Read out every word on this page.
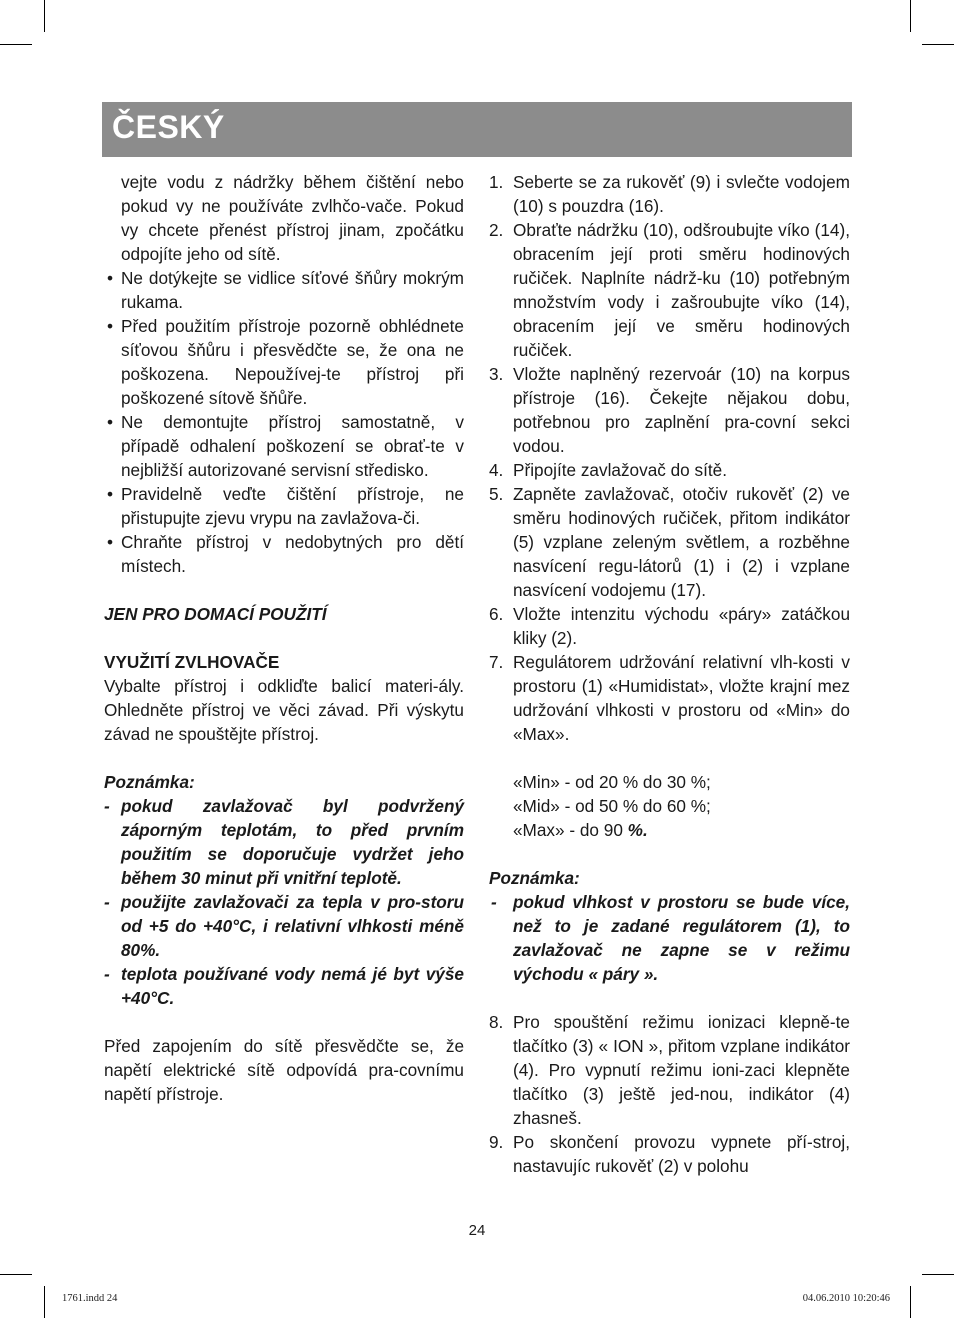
ČESKÝ

vejte vodu z nádržky během čištění nebo pokud vy ne používáte zvlhčo-vače. Pokud vy chcete přenést přístroj jinam, zpočátku odpojíte jeho od sítě.

• Ne dotýkejte se vidlice síťové šňůry mokrým rukama.
• Před použitím přístroje pozorně obhlédnete síťovou šňůru i přesvědčte se, že ona ne poškozena. Nepoužívej-te přístroj při poškozené sítově šňůře.
• Ne demontujte přístroj samostatně, v případě odhalení poškození se obrať-te v nejbližší autorizované servisní středisko.
• Pravidelně veďte čištění přístroje, ne přistupujte zjevu vrypu na zavlažova-či.
• Chraňte přístroj v nedobytných pro dětí místech.
JEN PRO DOMACÍ POUŽITÍ
VYUŽITÍ ZVLHOVAČE

Vybalte přístroj i odkliďte balicí materi-ály. Ohledněte přístroj ve věci závad. Při výskytu závad ne spouštějte přístroj.

Poznámka:
- pokud zavlažovač byl podvržený záporným teplotám, to před prvním použitím se doporučuje vydržet jeho během 30 minut při vnitřní teplotě.
- použijte zavlažovači za tepla v pro-storu od +5 do +40°C, i relativní vlhkosti méně 80%.
- teplota používané vody nemá jé byt výše +40°C.

Před zapojením do sítě přesvědčte se, že napětí elektrické sítě odpovídá pra-covnímu napětí přístroje.

1. Seberte se za rukověť (9) i svlečte vodojem (10) s pouzdra (16).
2. Obraťte nádržku (10), odšroubujte víko (14), obracením její proti směru hodinových ručiček. Naplníte nádrž-ku (10) potřebným množstvím vody i zašroubujte víko (14), obracením její ve směru hodinových ručiček.
3. Vložte naplněný rezervoár (10) na korpus přístroje (16). Čekejte nějakou dobu, potřebnou pro zaplnění pra-covní sekci vodou.
4. Připojíte zavlažovač do sítě.
5. Zapněte zavlažovač, otočiv rukověť (2) ve směru hodinových ručiček, přitom indikátor (5) vzplane zeleným světlem, a rozběhne nasvícení regu-látorů (1) i (2) i vzplane nasvícení vodojemu (17).
6. Vložte intenzitu východu «páry» zatáčkou kliky (2).
7. Regulátorem udržování relativní vlh-kosti v prostoru (1) «Humidistat», vložte krajní mez udržování vlhkosti v prostoru od «Min» do «Max».
«Min» - od 20 % do 30 %;
«Mid» - od 50 % do 60 %;
«Max» - do 90 %.
Poznámka:
- pokud vlhkost v prostoru se bude více, než to je zadané regulátorem (1), to zavlažovač ne zapne se v režimu východu « páry ».
8. Pro spouštění režimu ionizaci klepně-te tlačítko (3) « ION », přitom vzplane indikátor (4). Pro vypnutí režimu ioni-zaci klepněte tlačítko (3) ještě jed-nou, indikátor (4) zhasneš.
9. Po skončení provozu vypnete pří-stroj, nastavujíc rukověť (2) v polohu
24
1761.indd 24	04.06.2010 10:20:46
